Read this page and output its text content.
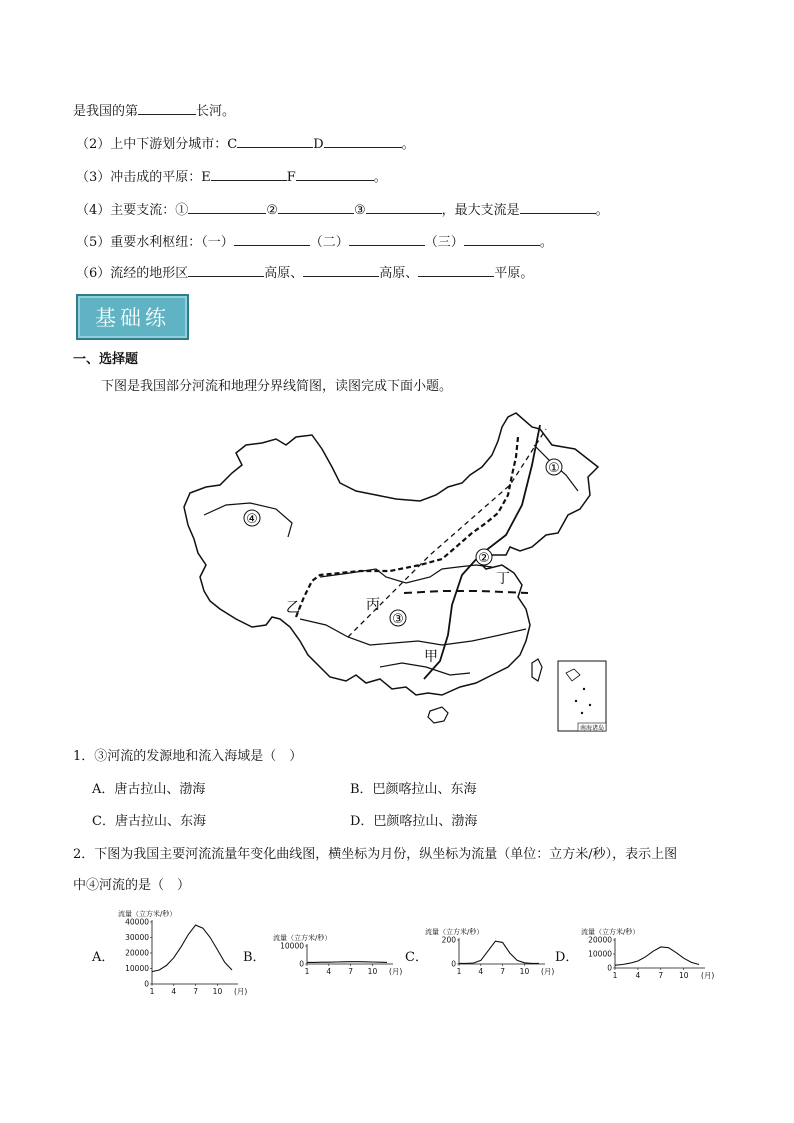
是我国的第	长河。
（2）上中下游划分城市：C	D	。
（3）冲击成的平原：E	F	。
（4）主要支流：①	②	③	，最大支流是	。
（5）重要水利枢纽：（一）	（二）	（三）	。
（6）流经的地形区	高原、	高原、	平原。
基础练
一、选择题
下图是我国部分河流和地理分界线简图，读图完成下面小题。
①
②
③
④
乙	丙
丁
甲
南海诸岛
1．③河流的发源地和流入海域是（　）
A．唐古拉山、渤海	B．巴颜喀拉山、东海
C．唐古拉山、东海	D．巴颜喀拉山、渤海
2．下图为我国主要河流流量年变化曲线图，横坐标为月份，纵坐标为流量（单位：立方米/秒），表示上图
中④河流的是（　）
A．	B．	C．	D．
流量（立方米/秒）
40000
30000
20000
10000
0
1 4 7 10 (月)
流量（立方米/秒）
10000
0
1 4 7 10 (月)
流量（立方米/秒）
200
0
1 4 7 10 (月)
流量（立方米/秒）
20000
10000
0
1 4 7 10 (月)
